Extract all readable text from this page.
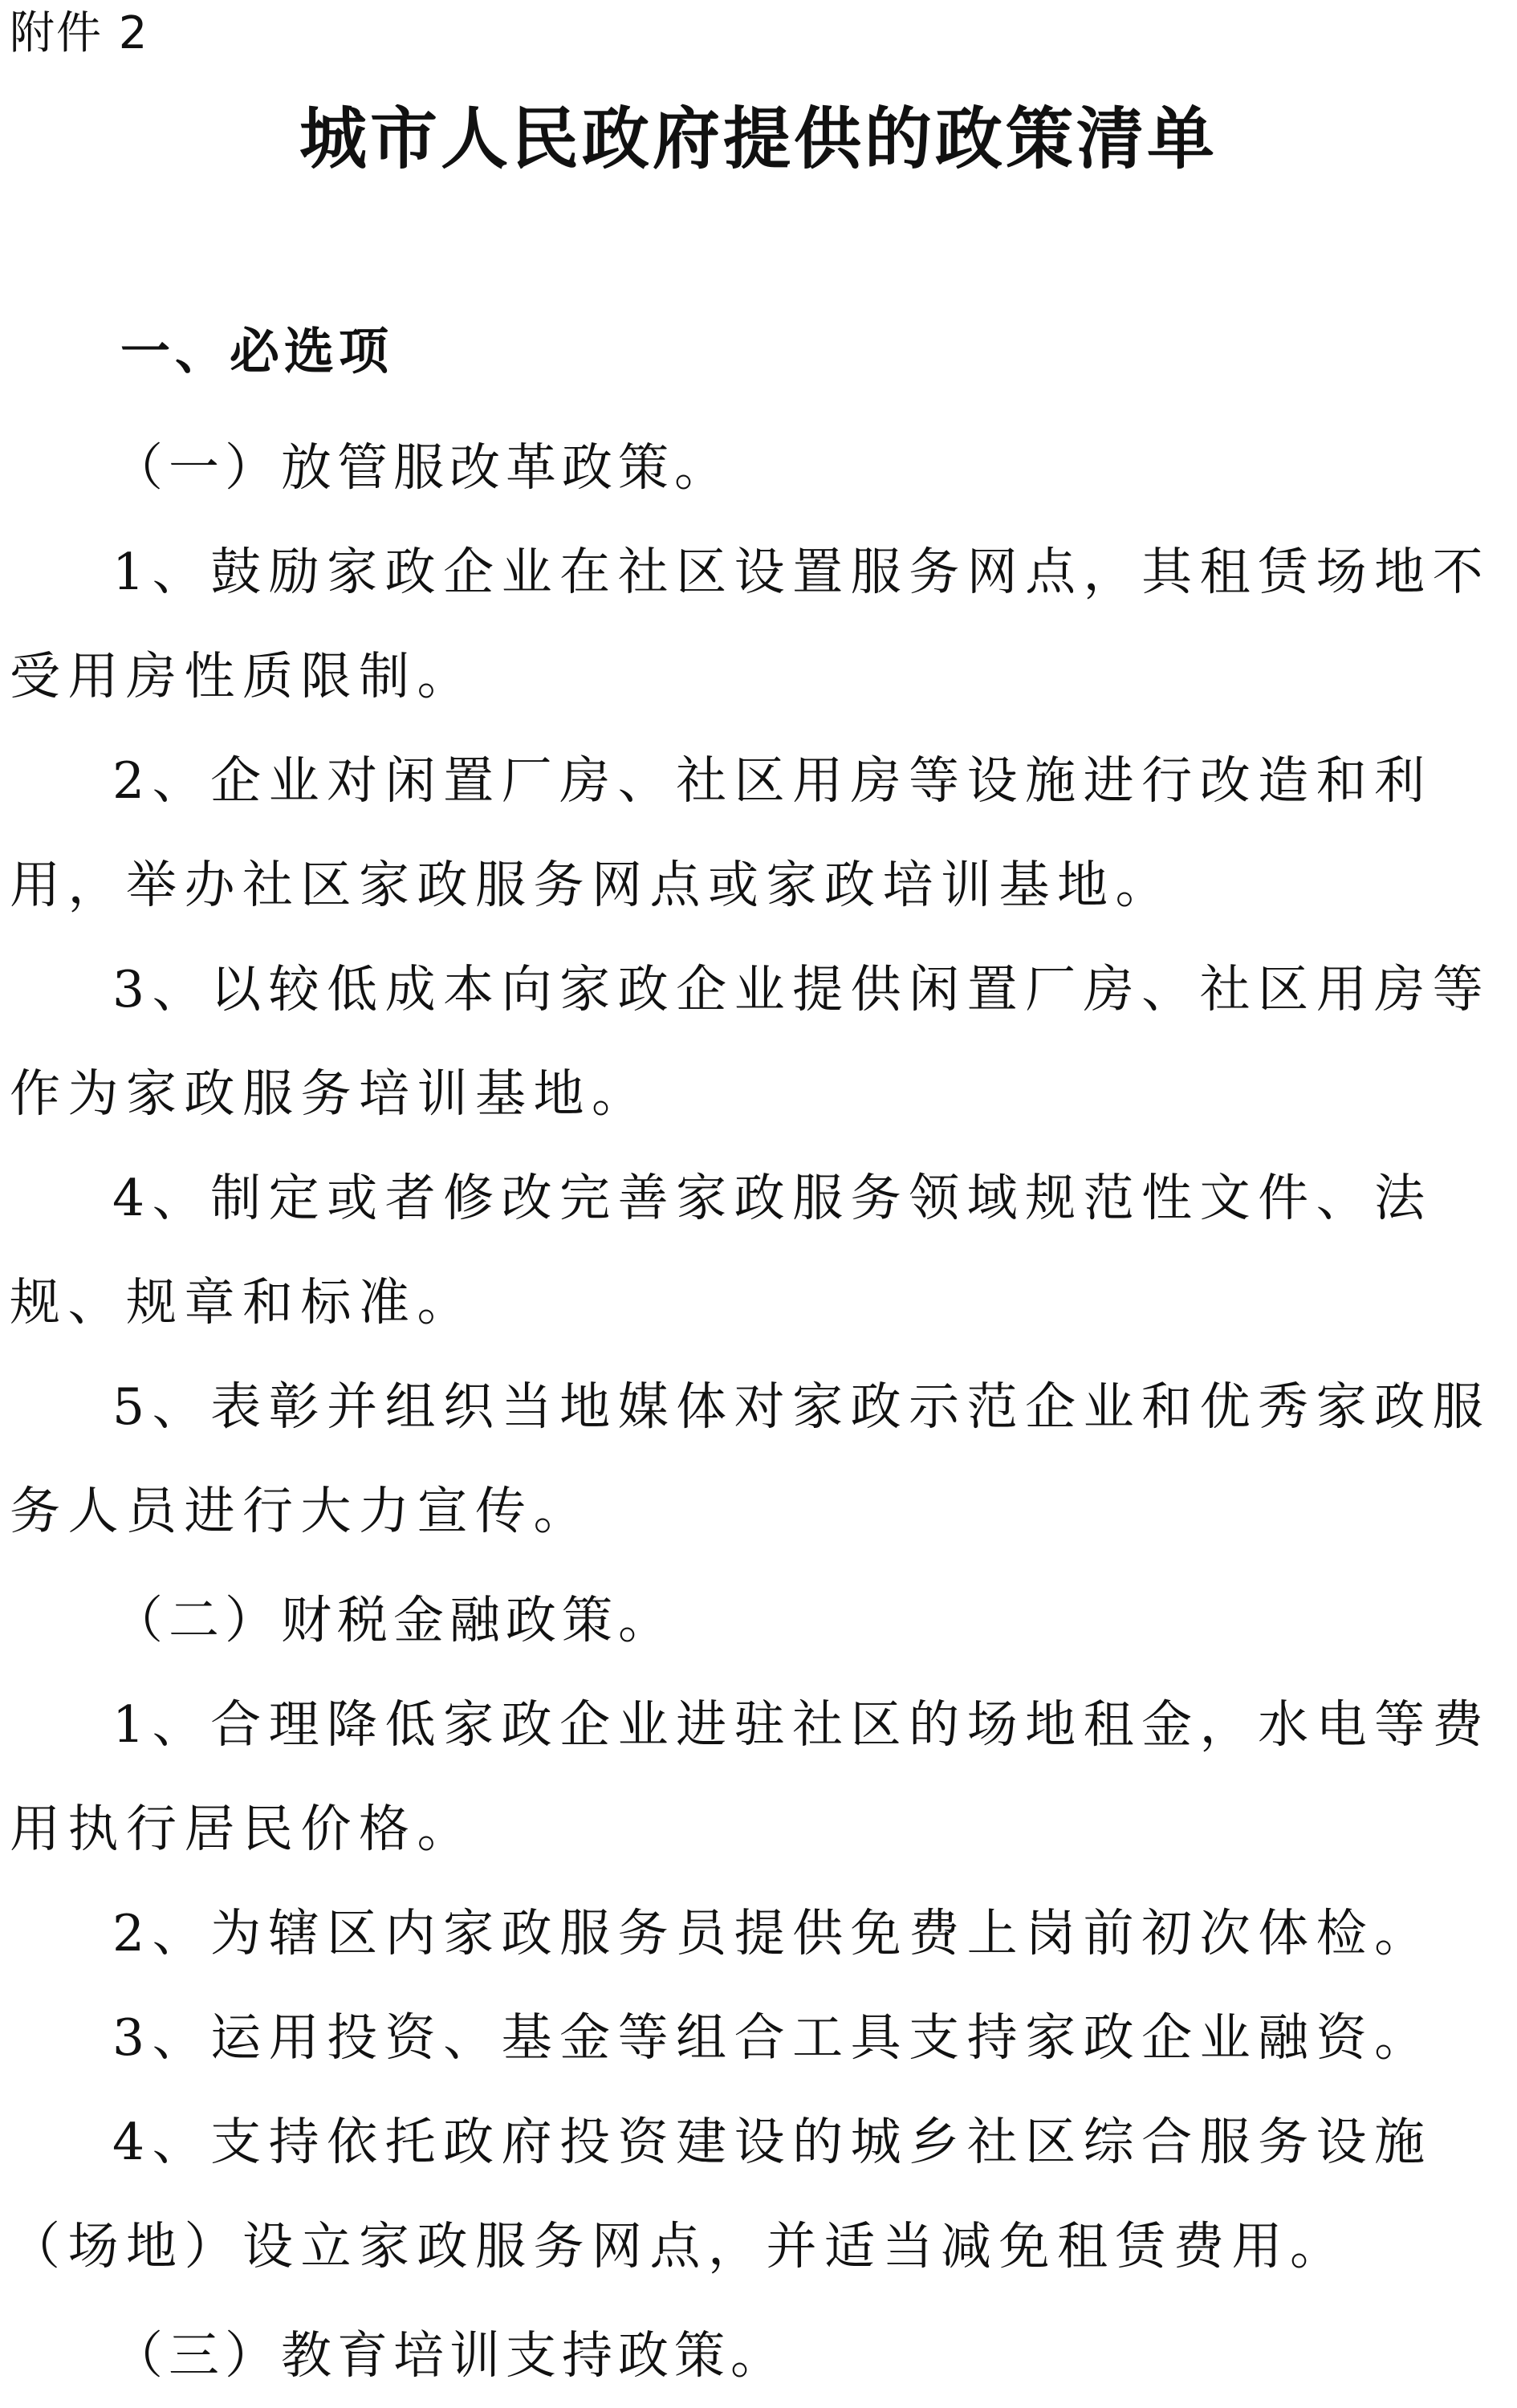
附件 2
城市人民政府提供的政策清单
一、必选项

（一）放管服改革政策。

1、鼓励家政企业在社区设置服务网点，其租赁场地不受用房性质限制。

2、企业对闲置厂房、社区用房等设施进行改造和利用，举办社区家政服务网点或家政培训基地。

3、以较低成本向家政企业提供闲置厂房、社区用房等作为家政服务培训基地。

4、制定或者修改完善家政服务领域规范性文件、法规、规章和标准。

5、表彰并组织当地媒体对家政示范企业和优秀家政服务人员进行大力宣传。

（二）财税金融政策。

1、合理降低家政企业进驻社区的场地租金，水电等费用执行居民价格。

2、为辖区内家政服务员提供免费上岗前初次体检。

3、运用投资、基金等组合工具支持家政企业融资。

4、支持依托政府投资建设的城乡社区综合服务设施（场地）设立家政服务网点，并适当减免租赁费用。

（三）教育培训支持政策。
